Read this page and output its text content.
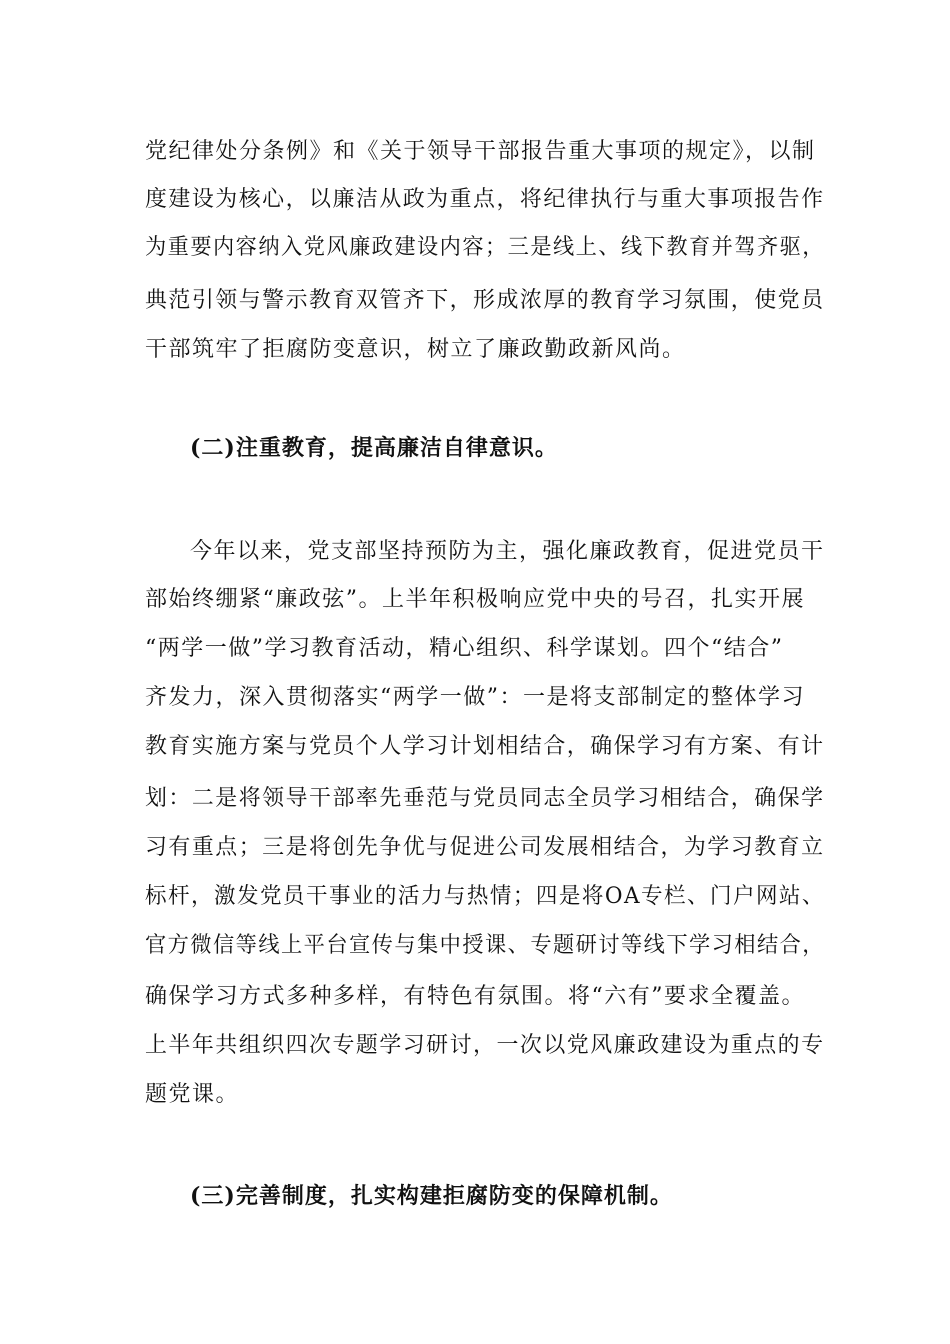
党纪律处分条例》和《关于领导干部报告重大事项的规定》，以制
度建设为核心，以廉洁从政为重点，将纪律执行与重大事项报告作
为重要内容纳入党风廉政建设内容；三是线上、线下教育并驾齐驱，
典范引领与警示教育双管齐下，形成浓厚的教育学习氛围，使党员
干部筑牢了拒腐防变意识，树立了廉政勤政新风尚。
(二)注重教育，提高廉洁自律意识。
今年以来，党支部坚持预防为主，强化廉政教育，促进党员干
部始终绷紧“廉政弦”。上半年积极响应党中央的号召，扎实开展
“两学一做”学习教育活动，精心组织、科学谋划。四个“结合”
齐发力，深入贯彻落实“两学一做”：一是将支部制定的整体学习
教育实施方案与党员个人学习计划相结合，确保学习有方案、有计
划：二是将领导干部率先垂范与党员同志全员学习相结合，确保学
习有重点；三是将创先争优与促进公司发展相结合，为学习教育立
标杆，激发党员干事业的活力与热情；四是将OA专栏、门户网站、
官方微信等线上平台宣传与集中授课、专题研讨等线下学习相结合，
确保学习方式多种多样，有特色有氛围。将“六有”要求全覆盖。
上半年共组织四次专题学习研讨，一次以党风廉政建设为重点的专
题党课。
(三)完善制度，扎实构建拒腐防变的保障机制。
